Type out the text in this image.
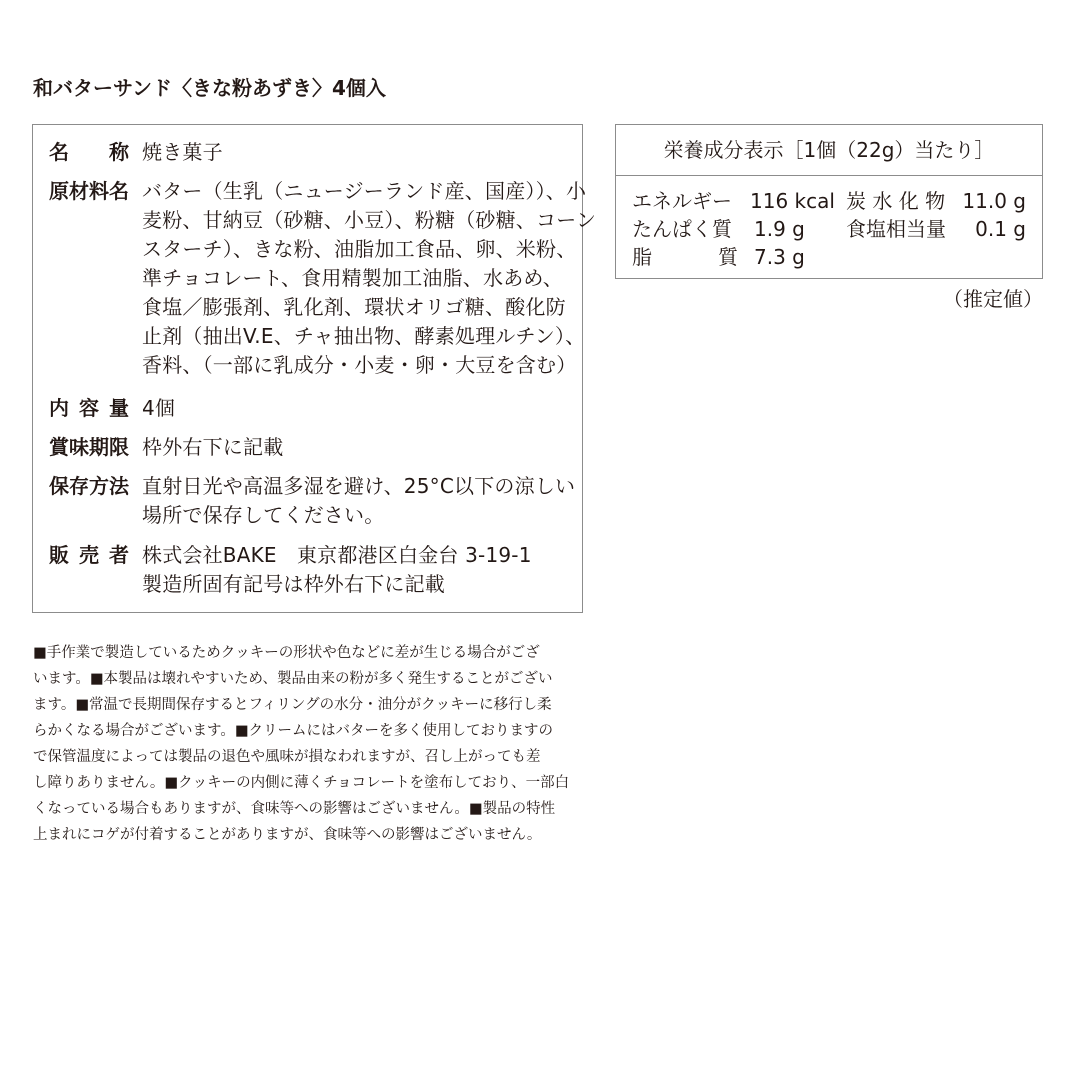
和バターサンド〈きな粉あずき〉4個入
名 称 焼き菓子
原 材 料 名 バター（生乳（ニュージーランド産、国産））、小
麦粉、甘納豆（砂糖、小豆）、粉糖（砂糖、コーン
スターチ）、きな粉、油脂加工食品、卵、米粉、
準チョコレート、食用精製加工油脂、水あめ、
食塩／膨張剤、乳化剤、環状オリゴ糖、酸化防
止剤（抽出V.E、チャ抽出物、酵素処理ルチン）、
香料、（一部に乳成分・小麦・卵・大豆を含む）
内 容 量 4個
賞 味 期 限 枠外右下に記載
保 存 方 法 直射日光や高温多湿を避け、25°C以下の涼しい
場所で保存してください。
販 売 者 株式会社BAKE　東京都港区白金台 3-19-1
製造所固有記号は枠外右下に記載
栄養成分表示［1個（22g）当たり］
エネルギー 116 kcal 炭 水 化 物 11.0 g
たんぱく質 1.9 g 食塩相当量 0.1 g
脂	質 7.3 g
（推定値）
■手作業で製造しているためクッキーの形状や色などに差が生じる場合がござ
います。■本製品は壊れやすいため、製品由来の粉が多く発生することがござい
ます。■常温で長期間保存するとフィリングの水分・油分がクッキーに移行し柔
らかくなる場合がございます。■クリームにはバターを多く使用しておりますの
で保管温度によっては製品の退色や風味が損なわれますが、召し上がっても差
し障りありません。■クッキーの内側に薄くチョコレートを塗布しており、一部白
くなっている場合もありますが、食味等への影響はございません。■製品の特性
上まれにコゲが付着することがありますが、食味等への影響はございません。
